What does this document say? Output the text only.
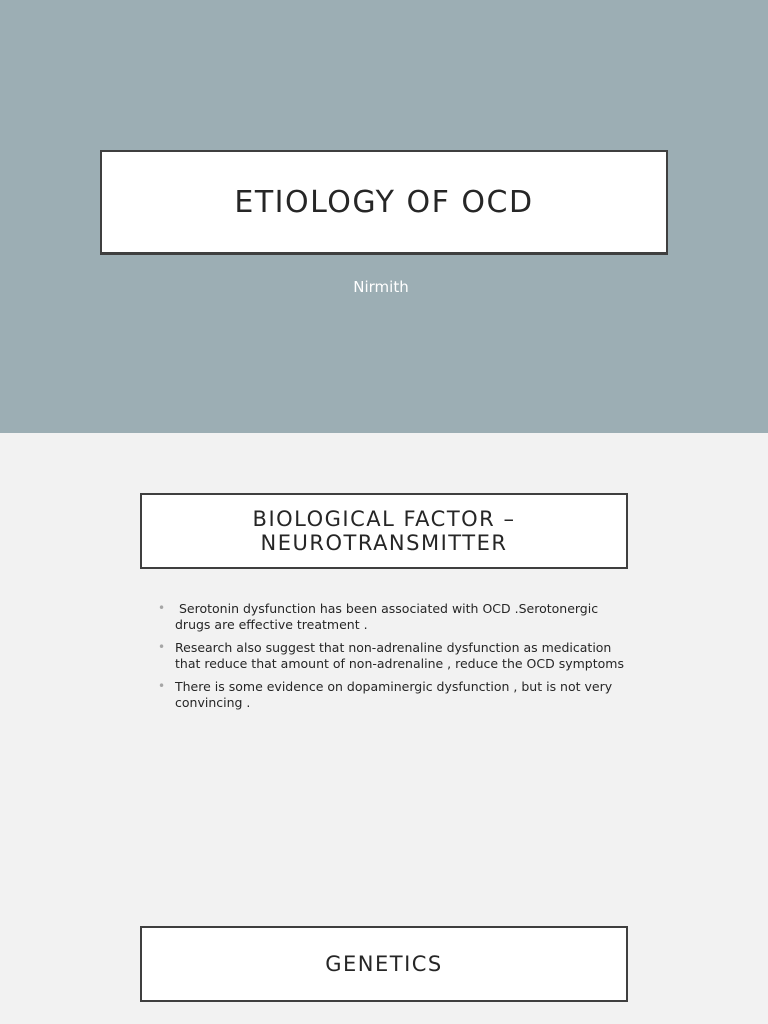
ETIOLOGY OF OCD
Nirmith
BIOLOGICAL FACTOR –
NEUROTRANSMITTER
• Serotonin dysfunction has been associated with OCD .Serotonergic drugs are effective treatment .
• Research also suggest that non-adrenaline dysfunction as medication that reduce that amount of non-adrenaline , reduce the OCD symptoms
• There is some evidence on dopaminergic dysfunction , but is not very convincing .
GENETICS
